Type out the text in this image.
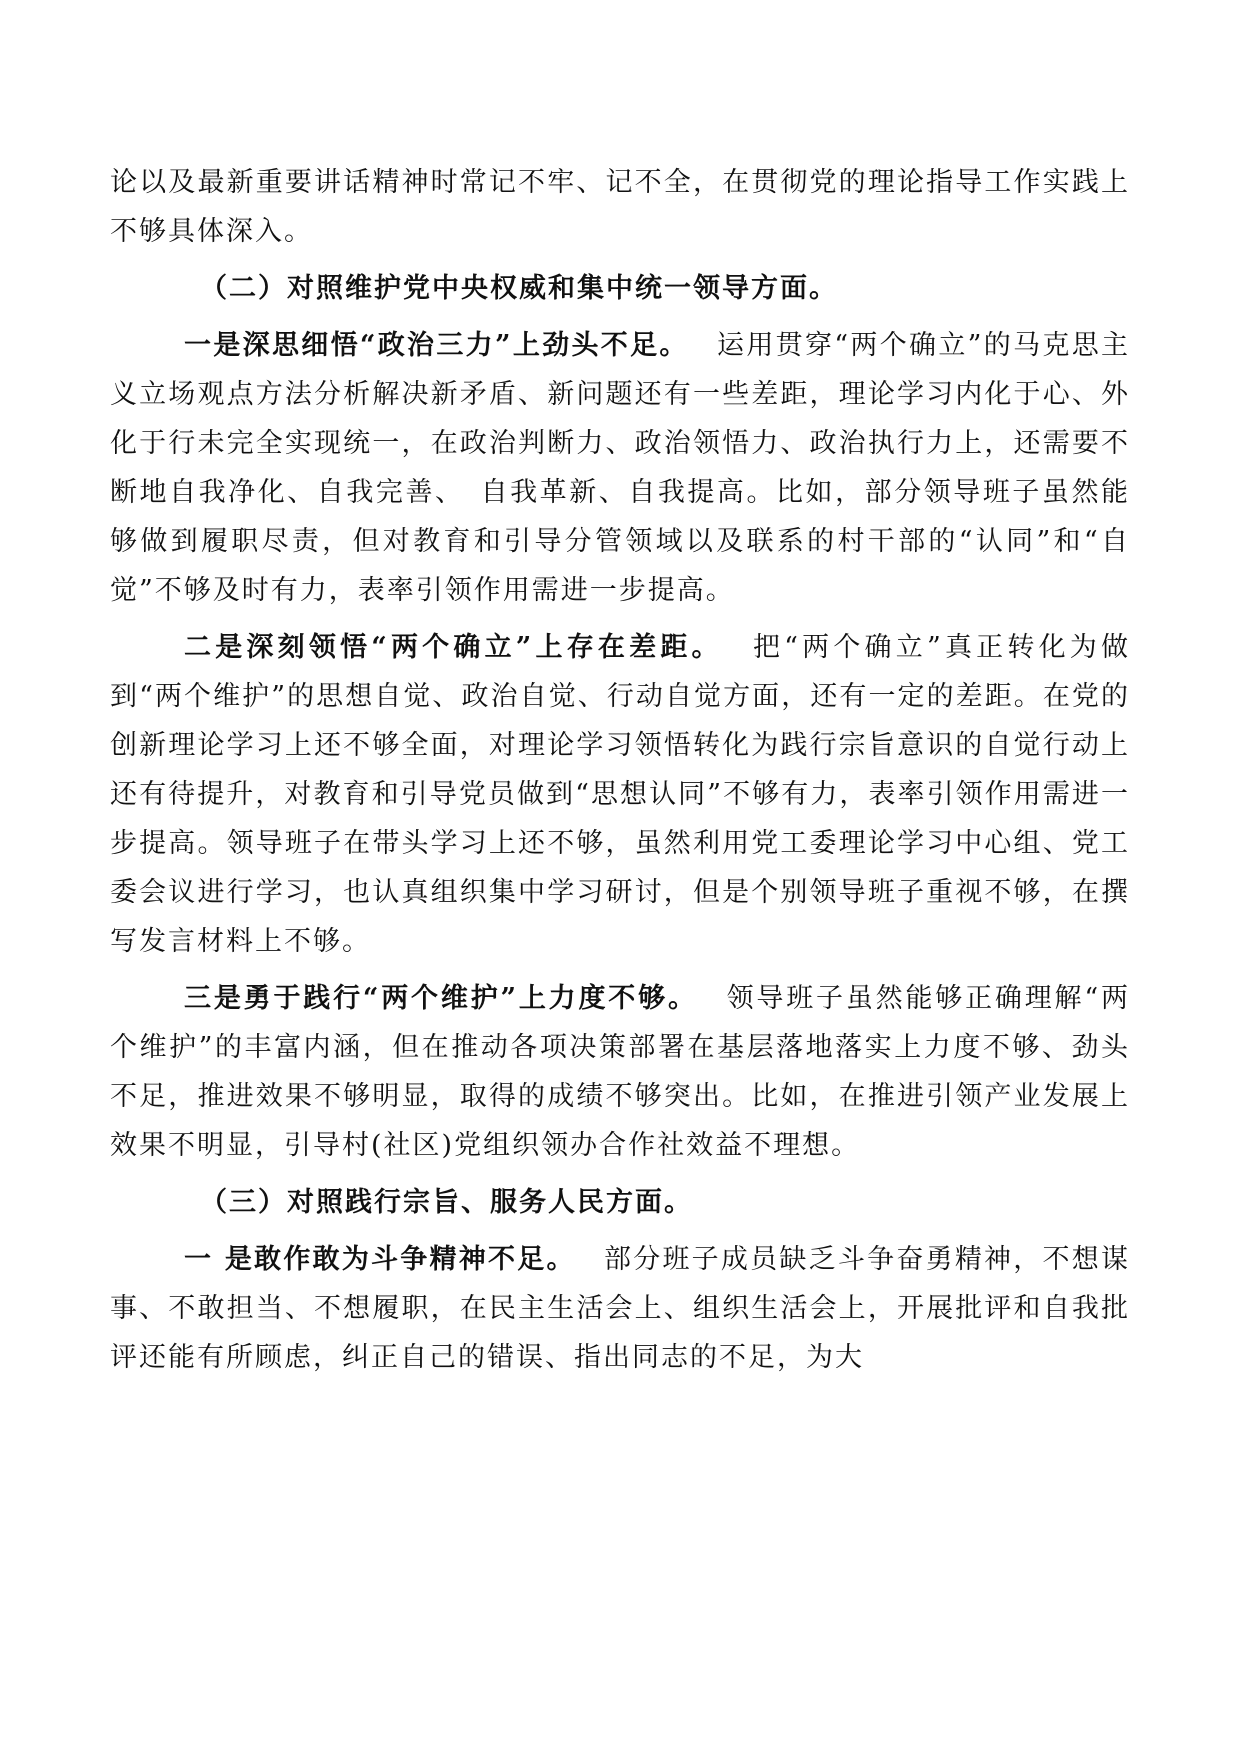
论以及最新重要讲话精神时常记不牢、记不全，在贯彻党的理论指导工作实践上不够具体深入。

（二）对照维护党中央权威和集中统一领导方面。

一是深思细悟“政治三力”上劲头不足。 运用贯穿“两个确立”的马克思主义立场观点方法分析解决新矛盾、新问题还有一些差距，理论学习内化于心、外化于行未完全实现统一，在政治判断力、政治领悟力、政治执行力上，还需要不断地自我净化、自我完善、　自我革新、自我提高。比如，部分领导班子虽然能够做到履职尽责，但对教育和引导分管领域以及联系的村干部的“认同”和“自觉”不够及时有力，表率引领作用需进一步提高。

二是深刻领悟“两个确立”上存在差距。 把“两个确立”真正转化为做到“两个维护”的思想自觉、政治自觉、行动自觉方面，还有一定的差距。在党的创新理论学习上还不够全面，对理论学习领悟转化为践行宗旨意识的自觉行动上还有待提升，对教育和引导党员做到“思想认同”不够有力，表率引领作用需进一步提高。领导班子在带头学习上还不够，虽然利用党工委理论学习中心组、党工委会议进行学习，也认真组织集中学习研讨，但是个别领导班子重视不够，在撰写发言材料上不够。

三是勇于践行“两个维护”上力度不够。 领导班子虽然能够正确理解“两个维护”的丰富内涵，但在推动各项决策部署在基层落地落实上力度不够、劲头不足，推进效果不够明显，取得的成绩不够突出。比如，在推进引领产业发展上效果不明显，引导村(社区)党组织领办合作社效益不理想。

（三）对照践行宗旨、服务人民方面。

一 是敢作敢为斗争精神不足。 部分班子成员缺乏斗争奋勇精神，不想谋事、不敢担当、不想履职，在民主生活会上、组织生活会上，开展批评和自我批评还能有所顾虑，纠正自己的错误、指出同志的不足，为大
